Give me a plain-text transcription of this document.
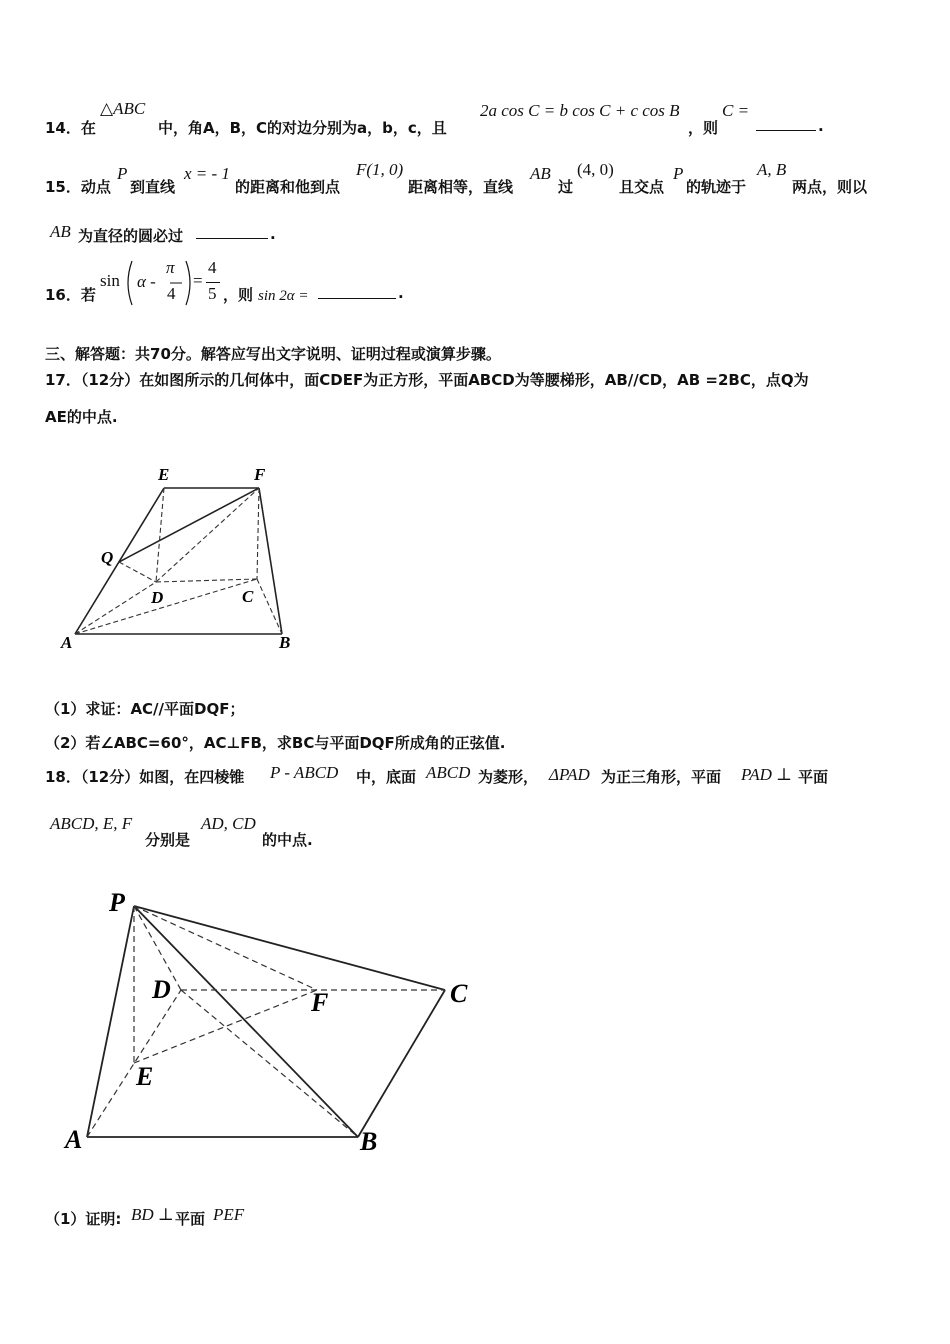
14．在
△ABC
中，角A，B，C的对边分别为a，b，c，且
2a cos C = b cos C + c cos B
，则
C =
.
15．动点
P
到直线
x = - 1
的距离和他到点
F(1, 0)
距离相等，直线
AB
过
(4, 0)
且交点
P
的轨迹于
A, B
两点，则以
AB 为直径的圆必过	.
16．若
sin α -
π
4
=
4
5 ，则 sin 2α =	.
三、解答题：共70分。解答应写出文字说明、证明过程或演算步骤。
17．（12分）在如图所示的几何体中，面CDEF为正方形，平面ABCD为等腰梯形，AB//CD，AB =2BC，点Q为
AE的中点.
E	F
Q
D	C
A	B
（1）求证：AC//平面DQF；
（2）若∠ABC=60°，AC⊥FB，求BC与平面DQF所成角的正弦值.
18．（12分）如图，在四棱锥 P - ABCD 中，底面 ABCD 为菱形， ΔPAD 为正三角形，平面 PAD ⊥ 平面
ABCD, E, F
分别是
AD, CD
的中点.
P
D	F	C
E
A	B
（1）证明: BD ⊥ 平面 PEF
